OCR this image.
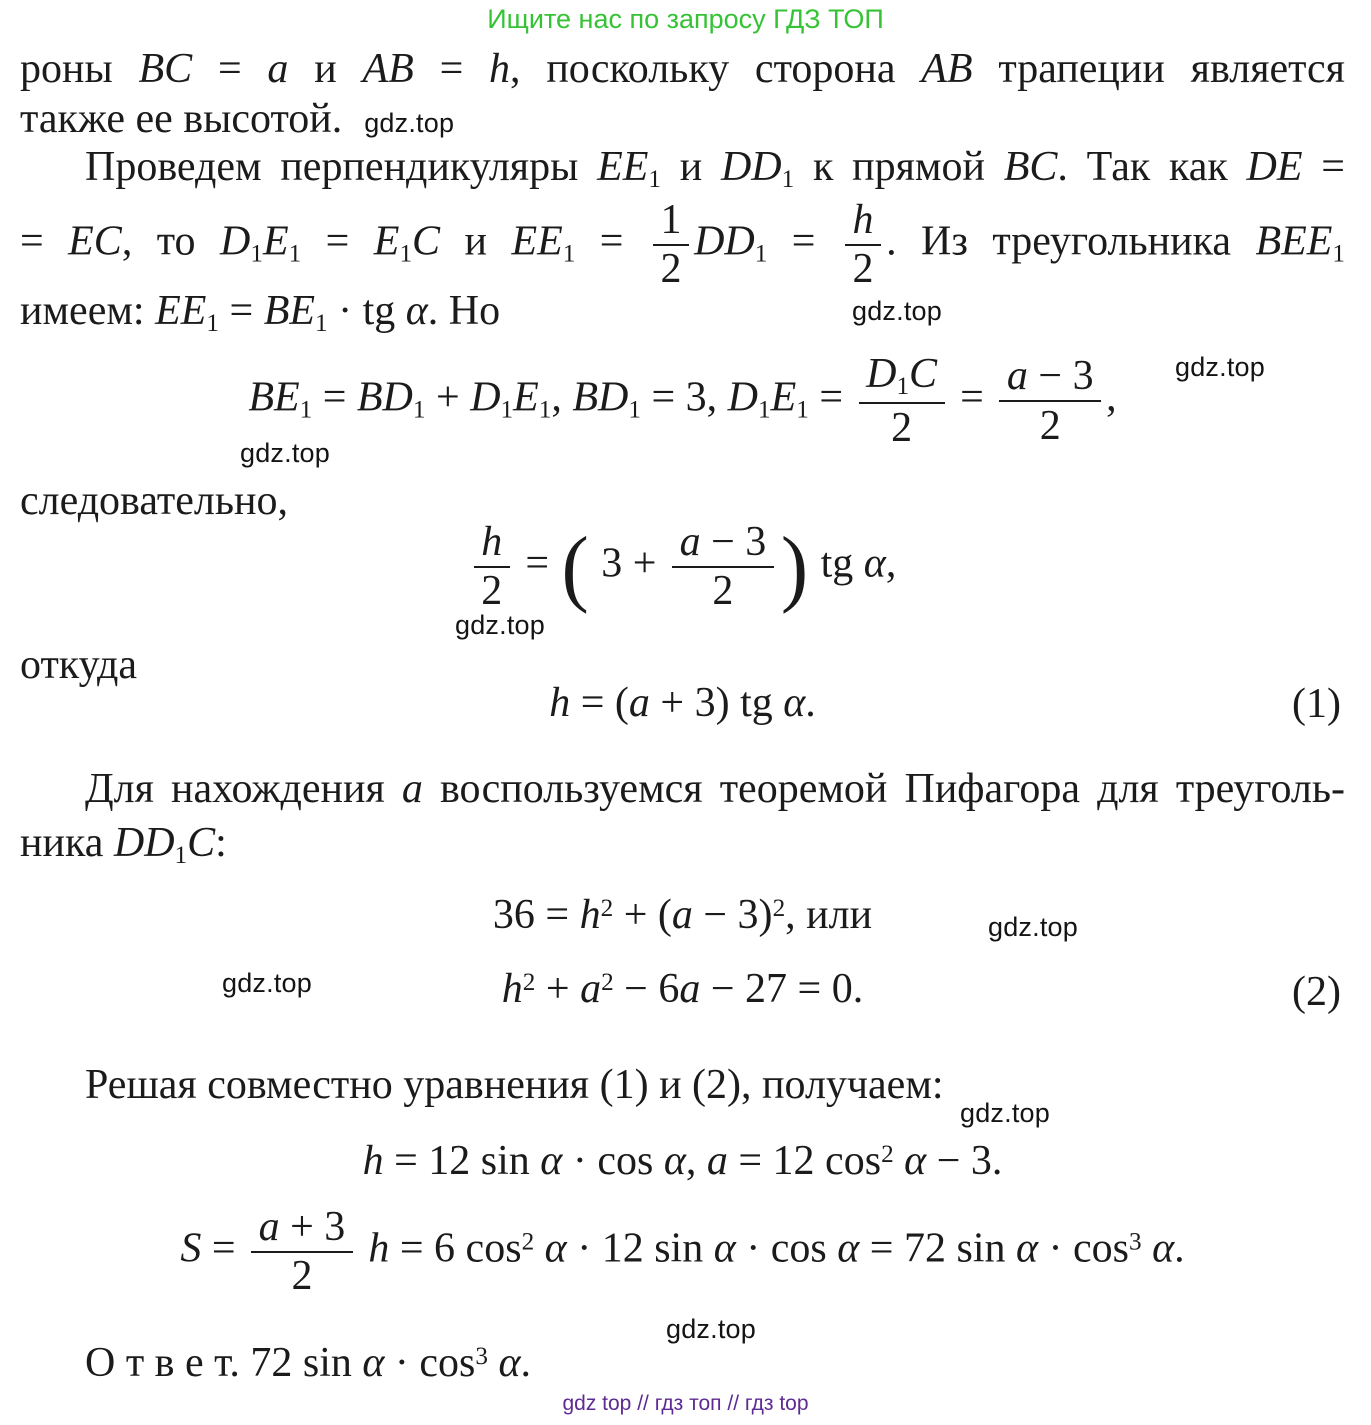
Ищите нас по запросу ГДЗ ТОП
роны BC = a и AB = h, поскольку сторона AB трапеции является
также ее высотой. gdz.top
Проведем перпендикуляры $EE_1$ и $DD_1$ к прямой BC. Так как DE =
= EC, то $D_1E_1 = E_1C$ и $EE_1 = \frac{1}{2} DD_1 = \frac{h}{2}$ . Из треугольника $BEE_1$
имеем: $EE_1 = BE_1$ · tg α. Но	gdz.top
$BE_1 = BD_1 + D_1E_1$, $BD_1 = 3$, $D_1E_1 = \frac{D_1C}{2} = \frac{a - 3}{2}$ ,
gdz.top
gdz.top
следовательно,
$\frac{h}{2}$ = ( $3 + \frac{a - 3}{2}$ ) tg α,
gdz.top
откуда
h = (a + 3) tg α.	(1)
Для нахождения a воспользуемся теоремой Пифагора для треуголь-
ника $DD_1C$:
$36 = h^2 + (a - 3)^2$, или	gdz.top
$h^2 + a^2 - 6a - 27 = 0$.
gdz.top	(2)
Решая совместно уравнения (1) и (2), получаем:
gdz.top
h = 12 sin α · cos α, a = 12 $\cos^2 \alpha - 3$.
$S = \frac{a + 3}{2}$ h = 6 $\cos^2 \alpha \cdot 12$ sin α · cos α = 72 $\sin \alpha \cdot \cos^3 \alpha$.
gdz.top
О т в е т. 72 $\sin \alpha \cdot \cos^3 \alpha$.
gdz top // гдз топ // гдз top
